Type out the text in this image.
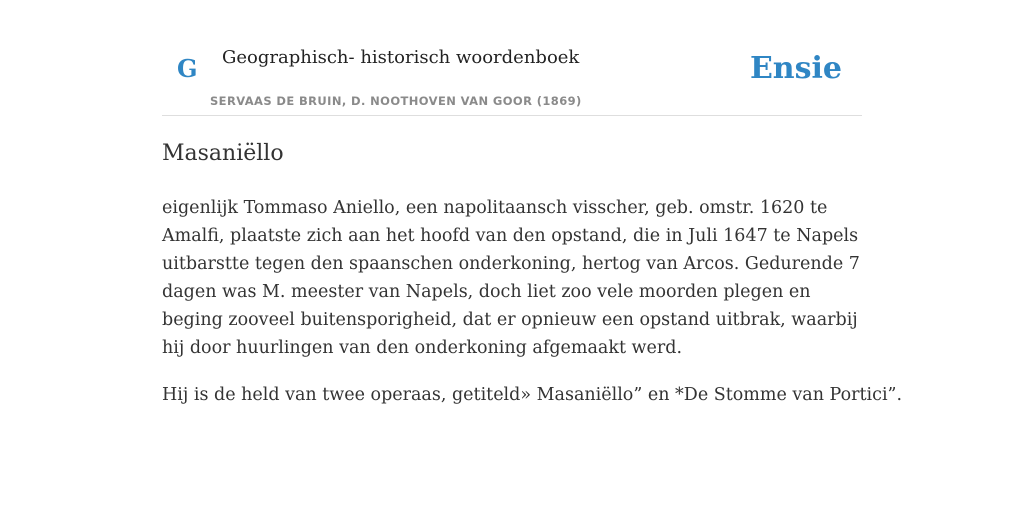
G Geographisch- historisch woordenboek
SERVAAS DE BRUIN, D. NOOTHOVEN VAN GOOR (1869)
Ensie
Masaniëllo

eigenlijk Tommaso Aniello, een napolitaansch visscher, geb. omstr. 1620 te Amalfi, plaatste zich aan het hoofd van den opstand, die in Juli 1647 te Napels uitbarstte tegen den spaanschen onderkoning, hertog van Arcos. Gedurende 7 dagen was M. meester van Napels, doch liet zoo vele moorden plegen en beging zooveel buitensporigheid, dat er opnieuw een opstand uitbrak, waarbij hij door huurlingen van den onderkoning afgemaakt werd.

Hij is de held van twee operaas, getiteld» Masaniëllo” en *De Stomme van Portici”.
